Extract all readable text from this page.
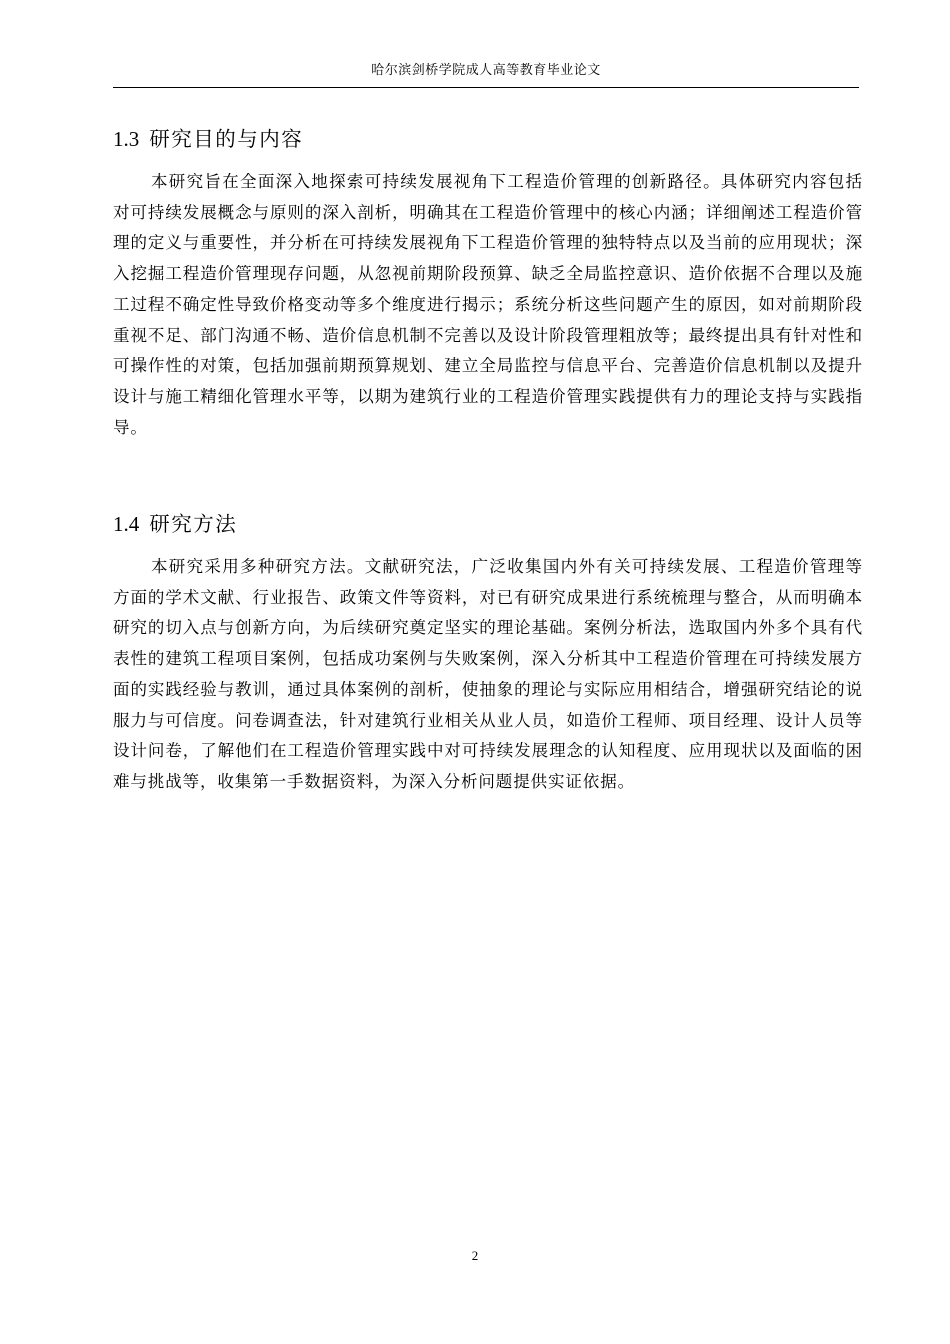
哈尔滨剑桥学院成人高等教育毕业论文
1.3 研究目的与内容

本研究旨在全面深入地探索可持续发展视角下工程造价管理的创新路径。具体研究内容包括对可持续发展概念与原则的深入剖析，明确其在工程造价管理中的核心内涵；详细阐述工程造价管理的定义与重要性，并分析在可持续发展视角下工程造价管理的独特特点以及当前的应用现状；深入挖掘工程造价管理现存问题，从忽视前期阶段预算、缺乏全局监控意识、造价依据不合理以及施工过程不确定性导致价格变动等多个维度进行揭示；系统分析这些问题产生的原因，如对前期阶段重视不足、部门沟通不畅、造价信息机制不完善以及设计阶段管理粗放等；最终提出具有针对性和可操作性的对策，包括加强前期预算规划、建立全局监控与信息平台、完善造价信息机制以及提升设计与施工精细化管理水平等，以期为建筑行业的工程造价管理实践提供有力的理论支持与实践指导。

1.4 研究方法

本研究采用多种研究方法。文献研究法，广泛收集国内外有关可持续发展、工程造价管理等方面的学术文献、行业报告、政策文件等资料，对已有研究成果进行系统梳理与整合，从而明确本研究的切入点与创新方向，为后续研究奠定坚实的理论基础。案例分析法，选取国内外多个具有代表性的建筑工程项目案例，包括成功案例与失败案例，深入分析其中工程造价管理在可持续发展方面的实践经验与教训，通过具体案例的剖析，使抽象的理论与实际应用相结合，增强研究结论的说服力与可信度。问卷调查法，针对建筑行业相关从业人员，如造价工程师、项目经理、设计人员等设计问卷，了解他们在工程造价管理实践中对可持续发展理念的认知程度、应用现状以及面临的困难与挑战等，收集第一手数据资料，为深入分析问题提供实证依据。

2
